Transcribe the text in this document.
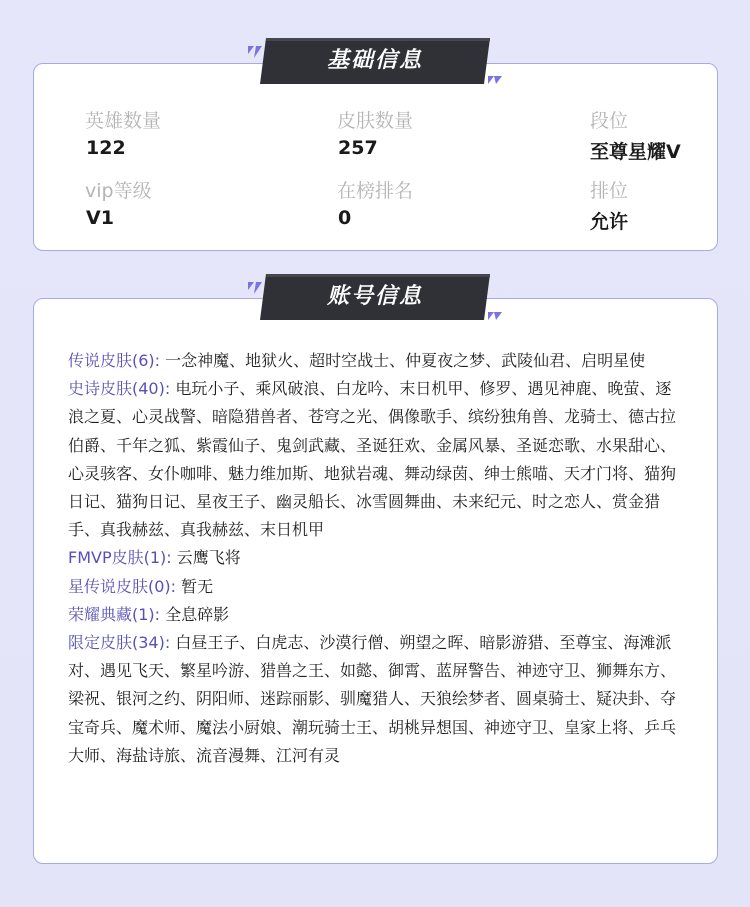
基础信息
英雄数量
122
皮肤数量
257
段位
至尊星耀V
vip等级
V1
在榜排名
0
排位
允许
账号信息
传说皮肤(6): 一念神魔、地狱火、超时空战士、仲夏夜之梦、武陵仙君、启明星使
史诗皮肤(40): 电玩小子、乘风破浪、白龙吟、末日机甲、修罗、遇见神鹿、晚萤、逐浪之夏、心灵战警、暗隐猎兽者、苍穹之光、偶像歌手、缤纷独角兽、龙骑士、德古拉伯爵、千年之狐、紫霞仙子、鬼剑武藏、圣诞狂欢、金属风暴、圣诞恋歌、水果甜心、心灵骇客、女仆咖啡、魅力维加斯、地狱岩魂、舞动绿茵、绅士熊喵、天才门将、猫狗日记、猫狗日记、星夜王子、幽灵船长、冰雪圆舞曲、未来纪元、时之恋人、赏金猎手、真我赫兹、真我赫兹、末日机甲
FMVP皮肤(1): 云鹰飞将
星传说皮肤(0): 暂无
荣耀典藏(1): 全息碎影
限定皮肤(34): 白昼王子、白虎志、沙漠行僧、朔望之晖、暗影游猎、至尊宝、海滩派对、遇见飞天、繁星吟游、猎兽之王、如懿、御霄、蓝屏警告、神迹守卫、狮舞东方、梁祝、银河之约、阴阳师、迷踪丽影、驯魔猎人、天狼绘梦者、圆桌骑士、疑决卦、夺宝奇兵、魔术师、魔法小厨娘、潮玩骑士王、胡桃异想国、神迹守卫、皇家上将、乒乓大师、海盐诗旅、流音漫舞、江河有灵
